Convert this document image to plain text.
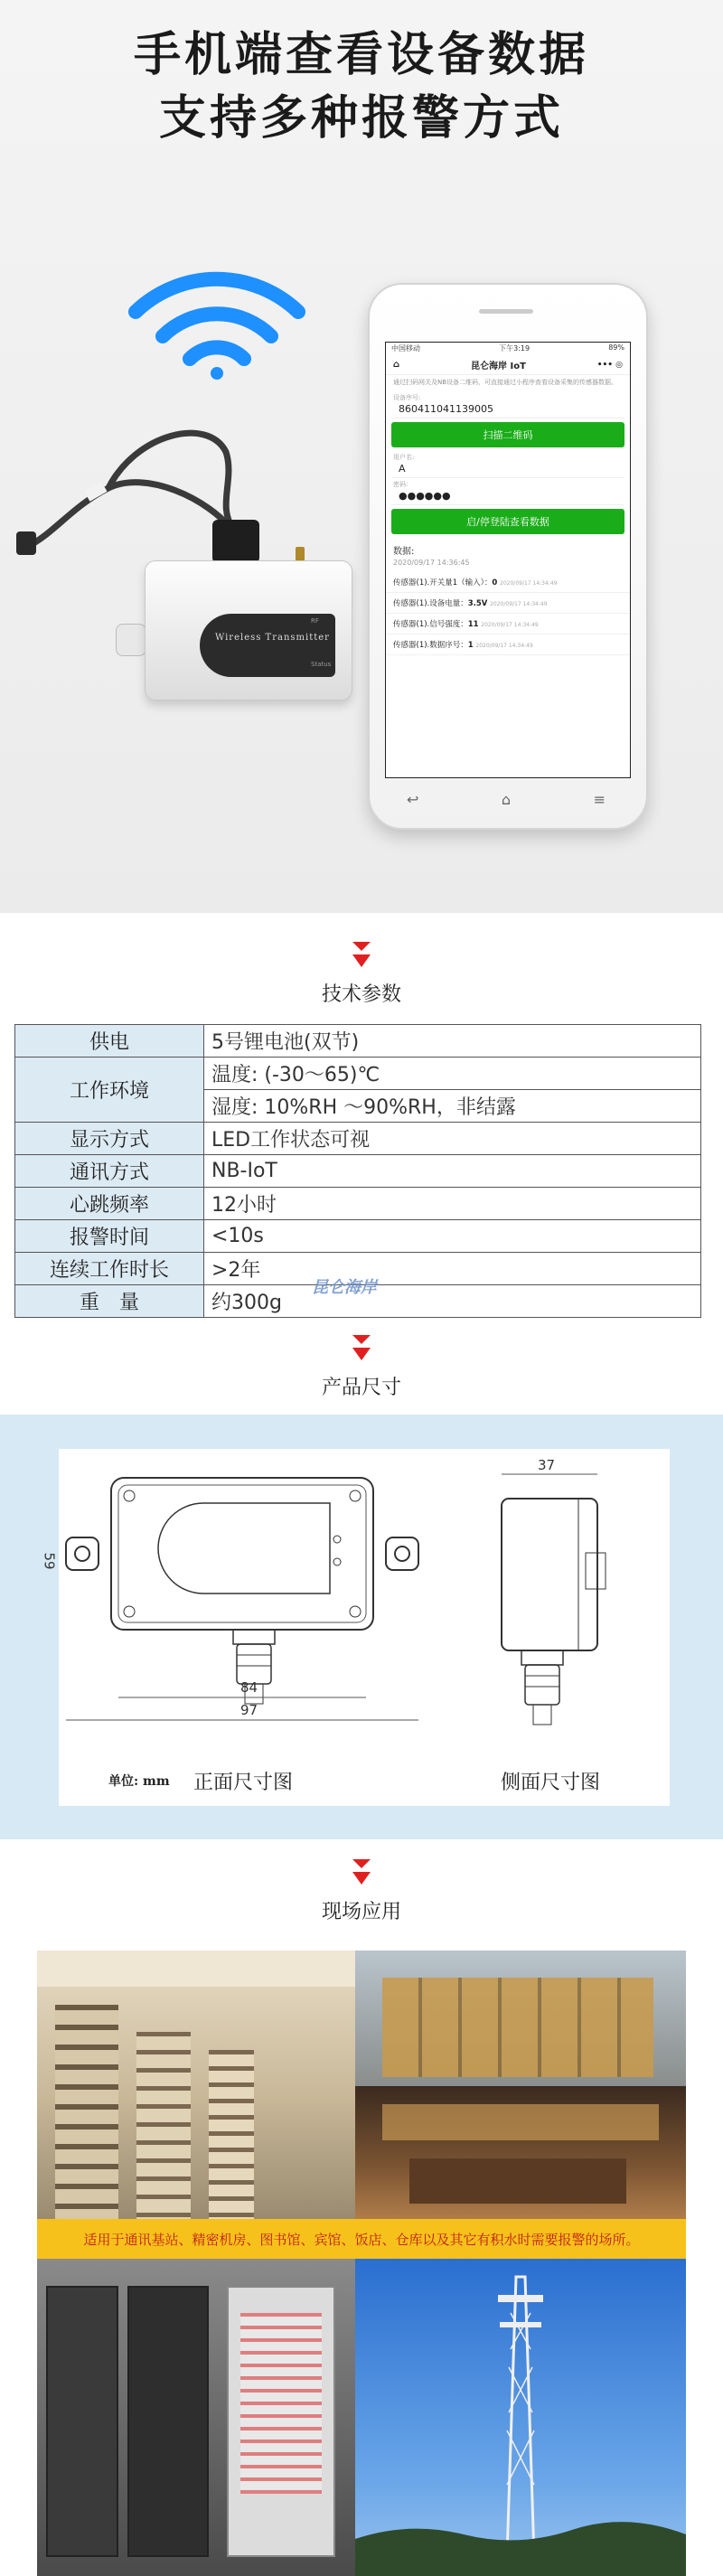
手机端查看设备数据
支持多种报警方式
RF
Status
Wireless Transmitter
中国移动	下午3:19	89%
⌂	昆仑海岸 IoT	••• ◎
通过扫码网关及NB设备二维码，可直接通过小程序查看设备采集的传感器数据。
设备序号:
860411041139005
扫描二维码
用户名:
A
密码:
●●●●●●
启/停登陆查看数据
数据:
2020/09/17 14:36:45
传感器(1).开关量1（输入）：0 2020/09/17 14:34:49
传感器(1).设备电量：3.5V 2020/09/17 14:34:49
传感器(1).信号强度：11 2020/09/17 14:34:49
传感器(1).数据序号：1 2020/09/17 14:34:49
↩	⌂	≡
技术参数
供电	5号锂电池(双节)
工作环境	温度: (-30～65)℃
	湿度: 10%RH ～90%RH，非结露
显示方式	LED工作状态可视
通讯方式	NB-IoT
心跳频率	12小时
报警时间	<10s
连续工作时长	>2年
重　量	约300g
昆仑海岸
产品尺寸
59
84
97
37
单位: mm 正面尺寸图	侧面尺寸图
现场应用
适用于通讯基站、精密机房、图书馆、宾馆、饭店、仓库以及其它有积水时需要报警的场所。
